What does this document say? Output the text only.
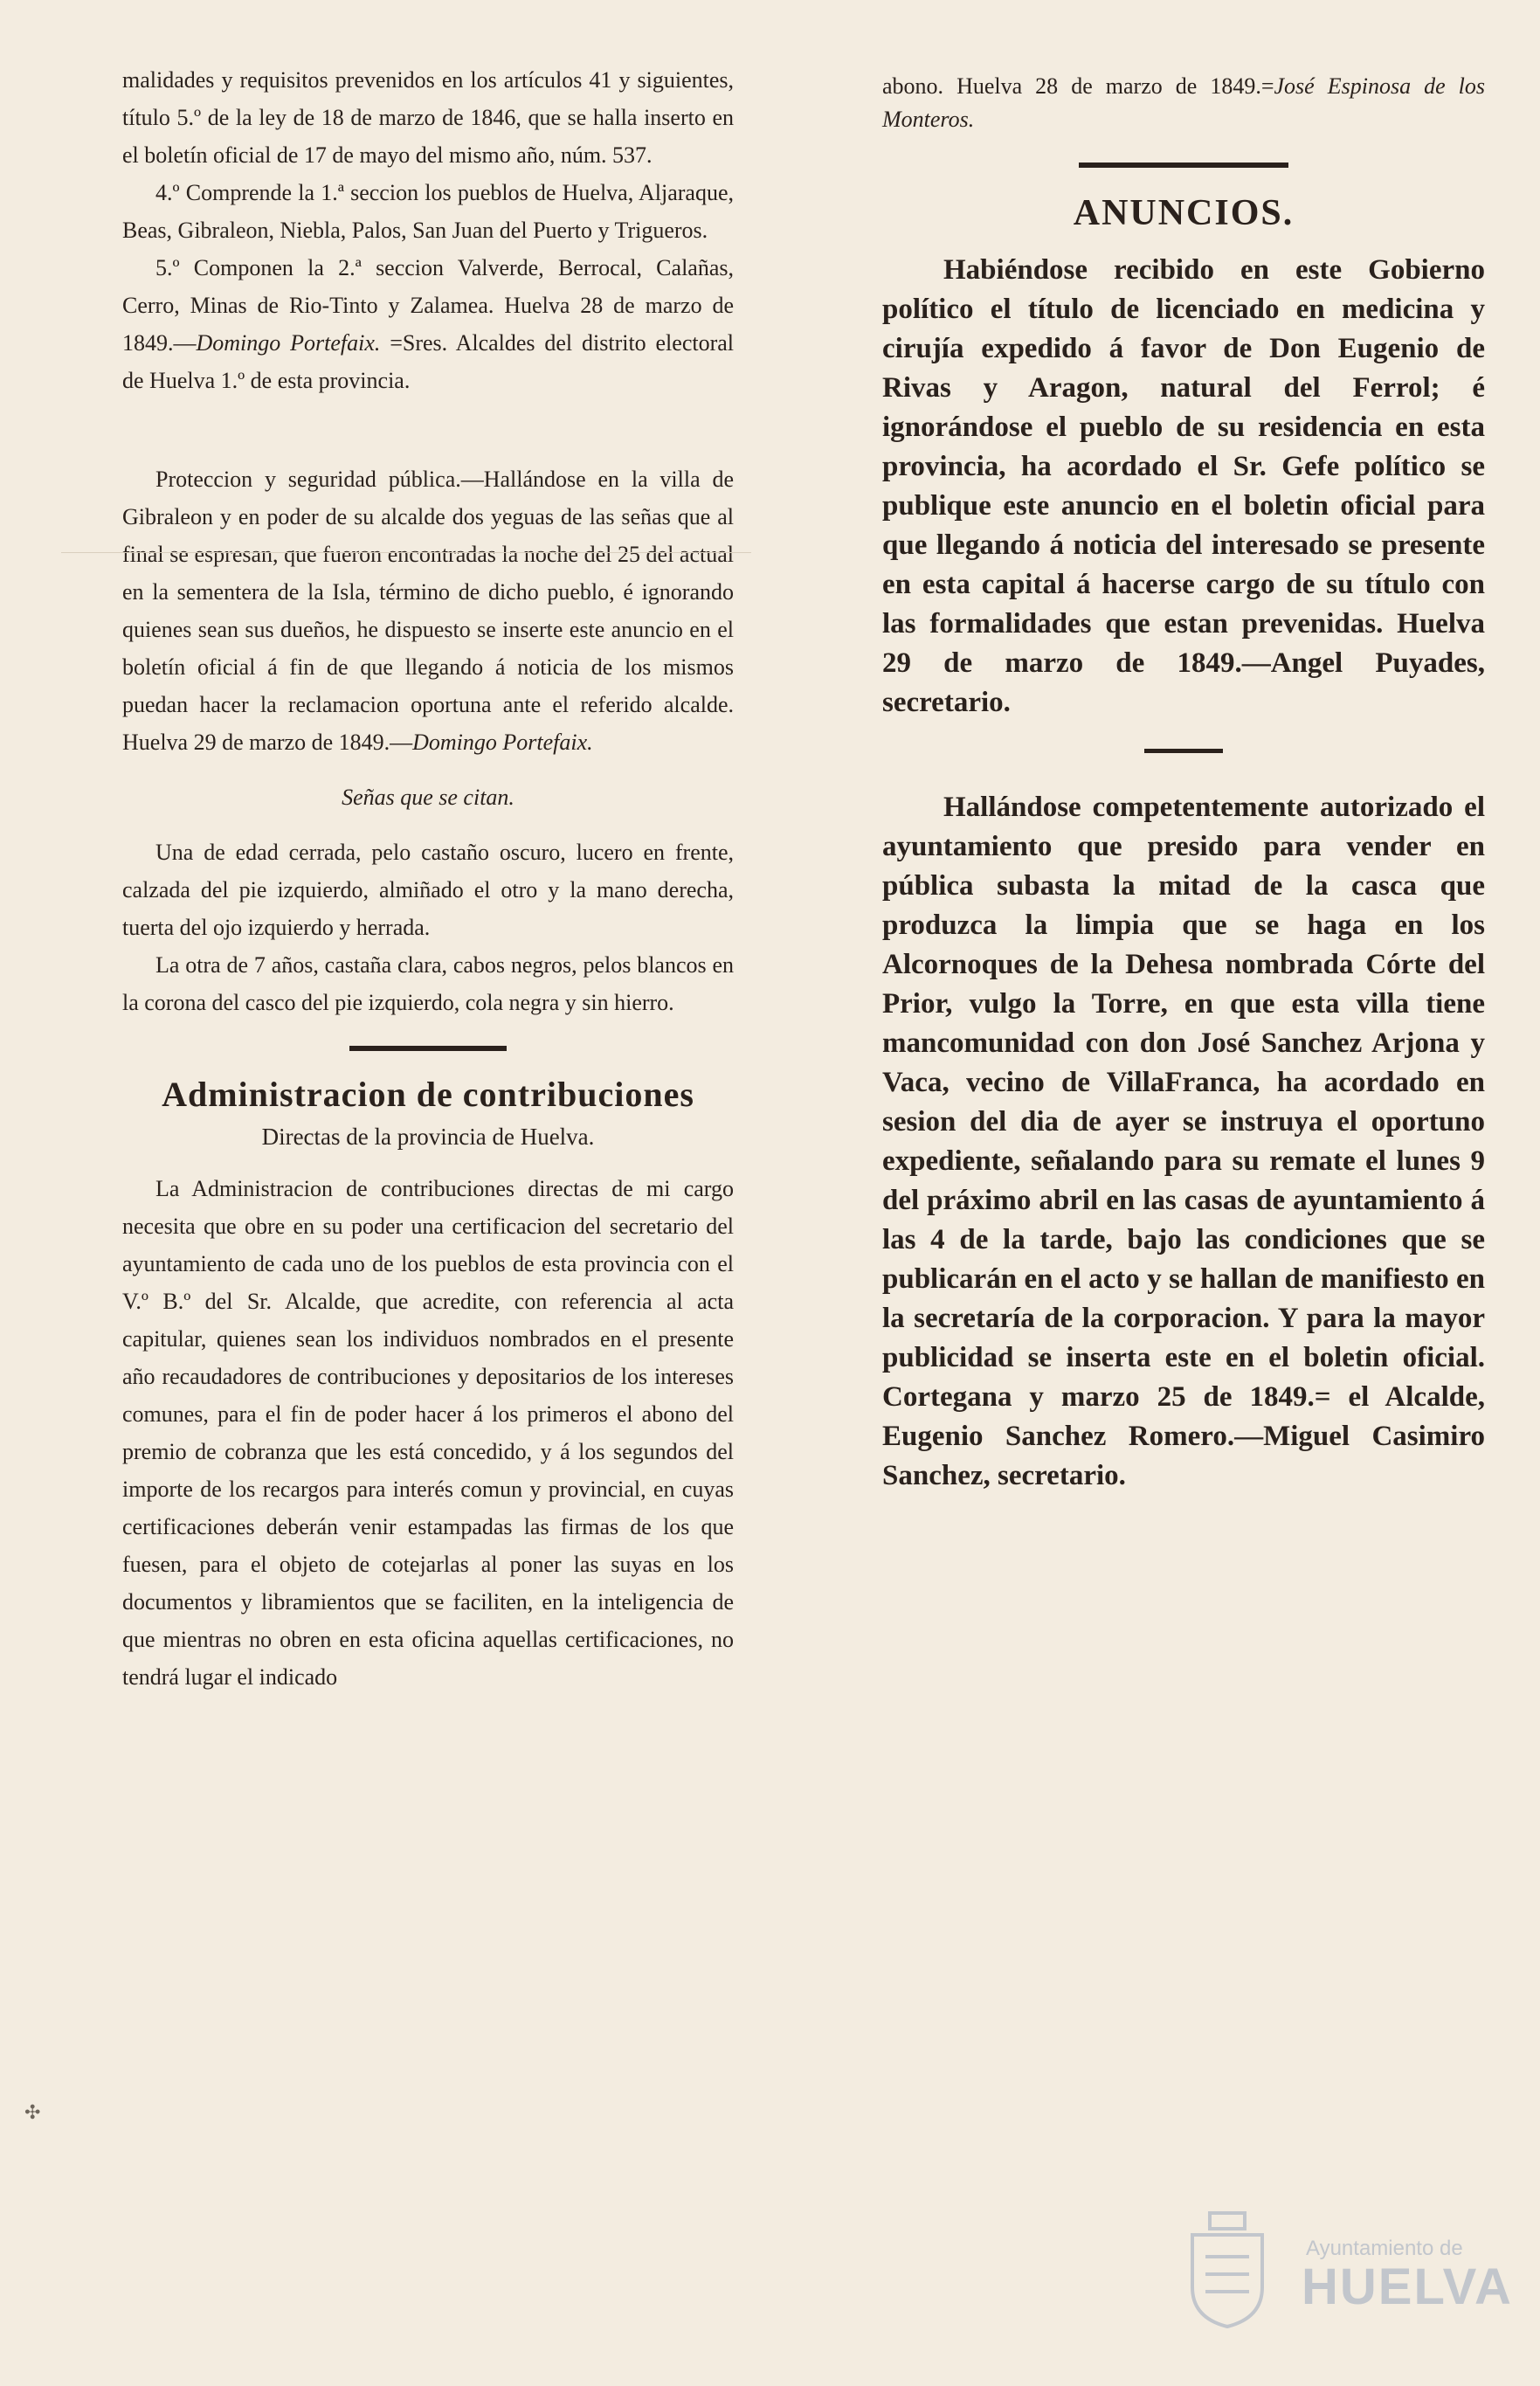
malidades y requisitos prevenidos en los artículos 41 y siguientes, título 5.º de la ley de 18 de marzo de 1846, que se halla inserto en el boletín oficial de 17 de mayo del mismo año, núm. 537.

4.º Comprende la 1.ª seccion los pueblos de Huelva, Aljaraque, Beas, Gibraleon, Niebla, Palos, San Juan del Puerto y Trigueros.

5.º Componen la 2.ª seccion Valverde, Berrocal, Calañas, Cerro, Minas de Rio-Tinto y Zalamea. Huelva 28 de marzo de 1849.—Domingo Portefaix. =Sres. Alcaldes del distrito electoral de Huelva 1.º de esta provincia.

Proteccion y seguridad pública.—Hallándose en la villa de Gibraleon y en poder de su alcalde dos yeguas de las señas que al final se espresan, que fueron encontradas la noche del 25 del actual en la sementera de la Isla, término de dicho pueblo, é ignorando quienes sean sus dueños, he dispuesto se inserte este anuncio en el boletín oficial á fin de que llegando á noticia de los mismos puedan hacer la reclamacion oportuna ante el referido alcalde. Huelva 29 de marzo de 1849.—Domingo Portefaix.

Señas que se citan.

Una de edad cerrada, pelo castaño oscuro, lucero en frente, calzada del pie izquierdo, almiñado el otro y la mano derecha, tuerta del ojo izquierdo y herrada.

La otra de 7 años, castaña clara, cabos negros, pelos blancos en la corona del casco del pie izquierdo, cola negra y sin hierro.

Administracion de contribuciones
Directas de la provincia de Huelva.

La Administracion de contribuciones directas de mi cargo necesita que obre en su poder una certificacion del secretario del ayuntamiento de cada uno de los pueblos de esta provincia con el V.º B.º del Sr. Alcalde, que acredite, con referencia al acta capitular, quienes sean los individuos nombrados en el presente año recaudadores de contribuciones y depositarios de los intereses comunes, para el fin de poder hacer á los primeros el abono del premio de cobranza que les está concedido, y á los segundos del importe de los recargos para interés comun y provincial, en cuyas certificaciones deberán venir estampadas las firmas de los que fuesen, para el objeto de cotejarlas al poner las suyas en los documentos y libramientos que se faciliten, en la inteligencia de que mientras no obren en esta oficina aquellas certificaciones, no tendrá lugar el indicado

abono. Huelva 28 de marzo de 1849.=José Espinosa de los Monteros.

ANUNCIOS.

Habiéndose recibido en este Gobierno político el título de licenciado en medicina y cirujía expedido á favor de Don Eugenio de Rivas y Aragon, natural del Ferrol; é ignorándose el pueblo de su residencia en esta provincia, ha acordado el Sr. Gefe político se publique este anuncio en el boletin oficial para que llegando á noticia del interesado se presente en esta capital á hacerse cargo de su título con las formalidades que estan prevenidas. Huelva 29 de marzo de 1849.—Angel Puyades, secretario.

Hallándose competentemente autorizado el ayuntamiento que presido para vender en pública subasta la mitad de la casca que produzca la limpia que se haga en los Alcornoques de la Dehesa nombrada Córte del Prior, vulgo la Torre, en que esta villa tiene mancomunidad con don José Sanchez Arjona y Vaca, vecino de VillaFranca, ha acordado en sesion del dia de ayer se instruya el oportuno expediente, señalando para su remate el lunes 9 del práximo abril en las casas de ayuntamiento á las 4 de la tarde, bajo las condiciones que se publicarán en el acto y se hallan de manifiesto en la secretaría de la corporacion. Y para la mayor publicidad se inserta este en el boletin oficial. Cortegana y marzo 25 de 1849.= el Alcalde, Eugenio Sanchez Romero.—Miguel Casimiro Sanchez, secretario.

✣
Ayuntamiento de
HUELVA
